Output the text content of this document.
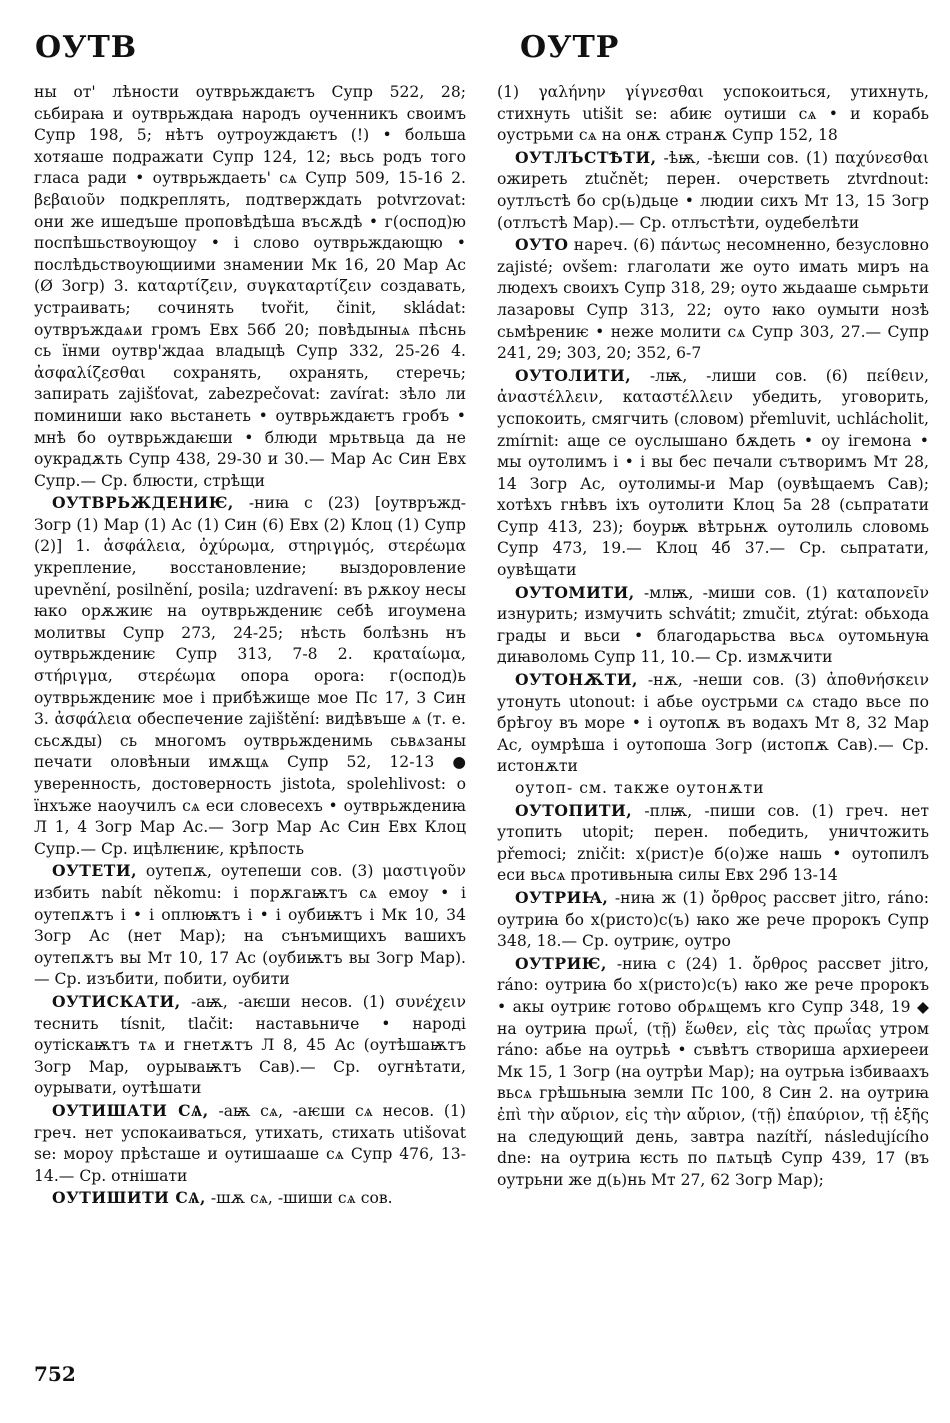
ОУТВ	ОУТР

ны от' лѣности оутврьждаѥтъ Супр 522, 28; сьбираꙗ и оутврьждаꙗ народъ оученникъ своимъ Супр 198, 5; нѣтъ оутроуждаѥтъ (!) • больша хотяаше подражати Супр 124, 12; вьсь родъ того гласа ради • оутврьждаеть' сѧ Супр 509, 15-16 2. βεβαιοῦν подкреплять, подтверждать potvrzovat: они же ишедъше проповѣдѣша въсѫдѣ • г(оспод)ю поспѣшьствоующоу • і слово оутврьждающю • послѣдьствоующиими знамении Мк 16, 20 Мар Ас (Ø Зогр) 3. καταρτίζειν, συγκαταρτίζειν создавать, устраивать; сочинять tvořit, činit, skládat: оутвръждаѧи громъ Евх 56б 20; повѣдыныѧ пѣснь сь їнми оутвр'ждаа владыцѣ Супр 332, 25-26 4. ἀσφαλίζεσθαι сохранять, охранять, стеречь; запирать zajišťovat, zabezpečovat: zavírat: зѣло ли поминиши ꙗко вьстанеть • оутврьждаѥтъ гробъ • мнѣ бо оутврьждаѥши • блюди мрьтвьца да не оукрадѫть Супр 438, 29-30 и 30.— Мар Ас Син Евх Супр.— Ср. блюсти, стрѣщи

ОУТВРЬЖДЕНИѤ, -ниꙗ с (23) [оутвръжд- Зогр (1) Мар (1) Ас (1) Син (6) Евх (2) Клоц (1) Супр (2)] 1. ἀσφάλεια, ὀχύρωμα, στηριγμός, στερέωμα укрепление, восстановление; выздоровление upevnění, posilnění, posila; uzdravení: въ рѫкоу несы ꙗко орѫжиѥ на оутврьждениѥ себѣ игоумена молитвы Супр 273, 24-25; нѣсть болѣзнь нъ оутврьждениѥ Супр 313, 7-8 2. κραταίωμα, στήριγμα, στερέωμα опора opora: г(оспод)ь оутврьждениѥ мое і прибѣжище мое Пс 17, 3 Син 3. ἀσφάλεια обеспечение zajištění: видѣвъше ѧ (т. е. сьсѫды) сь многомъ оутврьжденимь сьвѧзаны печати оловѣныи имѫщѧ Супр 52, 12-13 ● уверенность, достоверность jistota, spolehlivost: о їнхъже наоучилъ сѧ еси словесехъ • оутврьждениꙗ Л 1, 4 Зогр Мар Ас.— Зогр Мар Ас Син Евх Клоц Супр.— Ср. ицѣлѥниѥ, крѣпость

ОУТЕТИ, оутепѫ, оутепеши сов. (3) μαστιγοῦν избить nabít někomu: і порѫгаѭтъ сѧ емоу • і оутепѫтъ і • і оплюѭтъ і • і оубиѭтъ і Мк 10, 34 Зогр Ас (нет Мар); на сънъмищихъ вашихъ оутепѫтъ вы Мт 10, 17 Ас (оубиѭтъ вы Зогр Мар).— Ср. изъбити, побити, оубити

ОУТИСКАТИ, -аѭ, -аѥши несов. (1) συνέχειν теснить tísnit, tlačit: наставьниче • народі оутіскаѭтъ тѧ и гнетѫтъ Л 8, 45 Ас (оутѣшаѭтъ Зогр Мар, оурываѭтъ Сав).— Ср. оугнѣтати, оурывати, оутѣшати

ОУТИШАТИ СѦ, -аѭ сѧ, -аѥши сѧ несов. (1) греч. нет успокаиваться, утихать, стихать utišovat se: мороу прѣсташе и оутишааше сѧ Супр 476, 13-14.— Ср. отнішати

ОУТИШИТИ СѦ, -шѫ сѧ, -шиши сѧ сов.

(1) γαλήνην γίγνεσθαι успокоиться, утихнуть, стихнуть utišit se: абиѥ оутиши сѧ • и корабь оустрьми сѧ на онѫ странѫ Супр 152, 18

ОУТЛЪСТѢТИ, -ѣѭ, -ѣѥши сов. (1) παχύνεσθαι ожиреть ztučnět; перен. очерстветь ztvrdnout: оутлъстѣ бо ср(ь)дьце • людии сихъ Мт 13, 15 Зогр (отлъстѣ Мар).— Ср. отлъстѣти, оудебелѣти

ОУТО нареч. (6) πάντως несомненно, безусловно zajisté; ovšem: глаголати же оуто имать миръ на людехъ своихъ Супр 318, 29; оуто жьдааше сьмрьти лазаровы Супр 313, 22; оуто ꙗко оумыти нозѣ сьмѣрениѥ • неже молити сѧ Супр 303, 27.— Супр 241, 29; 303, 20; 352, 6-7

ОУТОЛИТИ, -лѭ, -лиши сов. (6) πείθειν, ἀναστέλλειν, καταστέλλειν убедить, уговорить, успокоить, смягчить (словом) přemluvit, uchlácholit, zmírnit: аще се оуслышано бѫдеть • оу ігемона • мы оутолимъ і • і вы бес печали сътворимъ Мт 28, 14 Зогр Ас, оутолимы-и Мар (оувѣщаемъ Сав); хотѣхъ гнѣвъ іхъ оутолити Клоц 5а 28 (сьпратати Супр 413, 23); боурѭ вѣтрьнѫ оутолиль словомь Супр 473, 19.— Клоц 4б 37.— Ср. сьпратати, оувѣщати

ОУТОМИТИ, -млѭ, -миши сов. (1) καταπονεῖν изнурить; измучить schvátit; zmučit, ztýrat: обьхода грады и вьси • благодарьства вьсѧ оутомьнуꙗ диꙗволомь Супр 11, 10.— Ср. измѫчити

ОУТОНѪТИ, -нѫ, -неши сов. (3) ἀποθνήσκειν утонуть utonout: і абье оустрьми сѧ стадо вьсе по брѣгоу въ море • і оутопѫ въ водахъ Мт 8, 32 Мар Ас, оумрѣша і оутопоша Зогр (истопѫ Сав).— Ср. истонѫти

оутоп- см. также оутонѫти

ОУТОПИТИ, -плѭ, -пиши сов. (1) греч. нет утопить utopit; перен. победить, уничтожить přemoci; zničit: х(рист)е б(о)же нашь • оутопилъ еси вьсѧ противьныꙗ силы Евх 29б 13-14

ОУТРИꙖ, -ниꙗ ж (1) ὄρθρος рассвет jitro, ráno: оутриꙗ бо х(ристо)с(ъ) ꙗко же рече пророкъ Супр 348, 18.— Ср. оутриѥ, оутро

ОУТРИѤ, -ниꙗ с (24) 1. ὄρθρος рассвет jitro, ráno: оутриꙗ бо х(ристо)с(ъ) ꙗко же рече пророкъ • акы оутриѥ готово обрѧщемъ кго Супр 348, 19 ◆ на оутриꙗ πρωΐ, (τῇ) ἕωθεν, εἰς τὰς πρωΐας утром ráno: абье на оутрьѣ • съвѣтъ створиша архиерееи Мк 15, 1 Зогр (на оутрѣи Мар); на оутрьꙗ ізбиваахъ вьсѧ грѣшьныꙗ земли Пс 100, 8 Син 2. на оутриꙗ ἐπὶ τὴν αὔριον, εἰς τὴν αὔριον, (τῇ) ἐπαύριον, τῇ ἑξῆς на следующий день, завтра nazítří, následujícího dne: на оутриꙗ ѥсть по пѧтьцѣ Супр 439, 17 (въ оутрьни же д(ь)нь Мт 27, 62 Зогр Мар);

752
